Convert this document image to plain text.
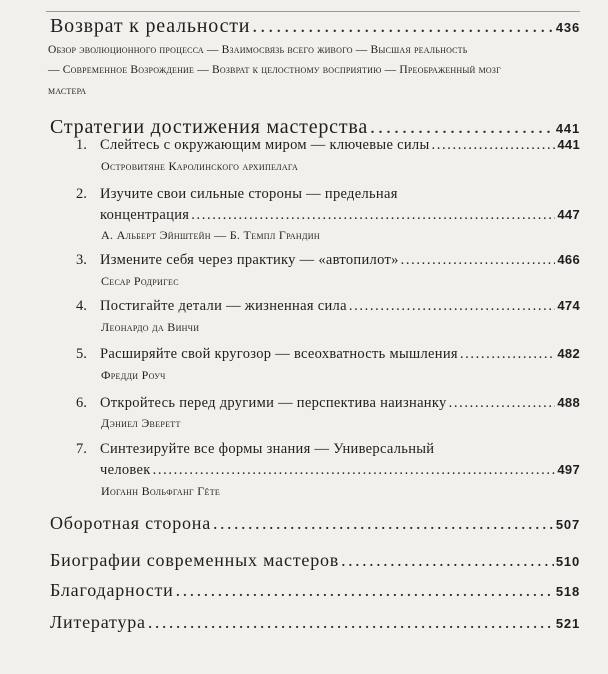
Возврат к реальности . . .	436
Обзор эволюционного процесса — Взаимосвязь всего живого — Высшая реальность
— Современное Возрождение — Возврат к целостному восприятию — Преображенный мозг
мастера
Стратегии достижения мастерства . . .	441
1. Слейтесь с окружающим миром — ключевые силы . . .	441
Островитяне Каролинского архипелага
2. Изучите свои сильные стороны — предельная
концентрация . . .	447
А. Альберт Эйнштейн — Б. Темпл Грандин
3. Измените себя через практику — «автопилот» . . .	466
Сесар Родригес
4. Постигайте детали — жизненная сила . . .	474
Леонардо да Винчи
5. Расширяйте свой кругозор — всеохватность мышления . . .	482
Фредди Роуч
6. Откройтесь перед другими — перспектива наизнанку . . .	488
Дэниел Эверетт
7. Синтезируйте все формы знания — Универсальный
человек . . .	497
Иоганн Вольфганг Гёте
Оборотная сторона . . .	507
Биографии современных мастеров . . .	510
Благодарности . . .	518
Литература . . .	521
